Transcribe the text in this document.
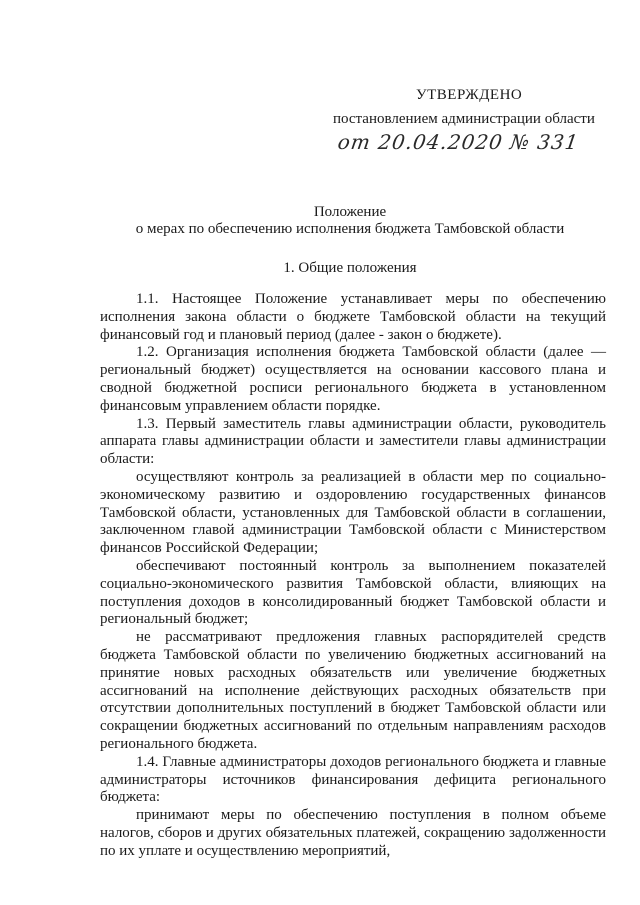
УТВЕРЖДЕНО
постановлением администрации области
от 20.04.2020 № 331
Положение
о мерах по обеспечению исполнения бюджета Тамбовской области
1. Общие положения

1.1. Настоящее Положение устанавливает меры по обеспечению исполнения закона области о бюджете Тамбовской области на текущий финансовый год и плановый период (далее - закон о бюджете).

1.2. Организация исполнения бюджета Тамбовской области (далее — региональный бюджет) осуществляется на основании кассового плана и сводной бюджетной росписи регионального бюджета в установленном финансовым управлением области порядке.

1.3. Первый заместитель главы администрации области, руководитель аппарата главы администрации области и заместители главы администрации области:

осуществляют контроль за реализацией в области мер по социально-экономическому развитию и оздоровлению государственных финансов Тамбовской области, установленных для Тамбовской области в соглашении, заключенном главой администрации Тамбовской области с Министерством финансов Российской Федерации;

обеспечивают постоянный контроль за выполнением показателей социально-экономического развития Тамбовской области, влияющих на поступления доходов в консолидированный бюджет Тамбовской области и региональный бюджет;

не рассматривают предложения главных распорядителей средств бюджета Тамбовской области по увеличению бюджетных ассигнований на принятие новых расходных обязательств или увеличение бюджетных ассигнований на исполнение действующих расходных обязательств при отсутствии дополнительных поступлений в бюджет Тамбовской области или сокращении бюджетных ассигнований по отдельным направлениям расходов регионального бюджета.

1.4. Главные администраторы доходов регионального бюджета и главные администраторы источников финансирования дефицита регионального бюджета:

принимают меры по обеспечению поступления в полном объеме налогов, сборов и других обязательных платежей, сокращению задолженности по их уплате и осуществлению мероприятий,
